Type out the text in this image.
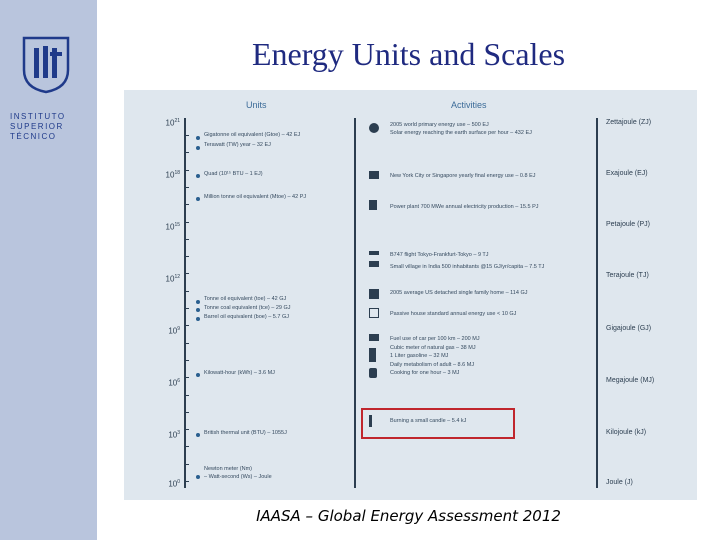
INSTITUTO
SUPERIOR
TÉCNICO
Energy Units and Scales
Units	Activities
$10^{21}$
$10^{18}$
$10^{15}$
$10^{12}$
$10^9$
$10^6$
$10^3$
$10^0$
Gigatonne oil equivalent (Gtoe) – 42 EJ
Terawatt (TW) year – 32 EJ
Quad (10¹⁵ BTU – 1 EJ)
Million tonne oil equivalent (Mtoe) – 42 PJ
Tonne oil equivalent (toe) – 42 GJ
Tonne coal equivalent (tce) – 29 GJ
Barrel oil equivalent (boe) – 5.7 GJ
Kilowatt-hour (kWh) – 3.6 MJ
British thermal unit (BTU) – 1055J
Newton meter (Nm)
– Watt-second (Ws) – Joule
2005 world primary energy use – 500 EJ
Solar energy reaching the earth surface per hour – 432 EJ
New York City or Singapore yearly final energy use – 0.8 EJ
Power plant 700 MWe annual electricity production – 15.5 PJ
B747 flight Tokyo-Frankfurt-Tokyo – 9 TJ
Small village in India 500 inhabitants @15 GJ/yr/capita – 7.5 TJ
2005 average US detached single family home – 114 GJ
Passive house standard annual energy use < 10 GJ
Fuel use of car per 100 km – 200 MJ
Cubic meter of natural gas – 38 MJ
1 Liter gasoline – 32 MJ
Daily metabolism of adult – 8.6 MJ
Cooking for one hour – 3 MJ
Burning a small candle – 5.4 kJ
Zettajoule (ZJ)
Exajoule (EJ)
Petajoule (PJ)
Terajoule (TJ)
Gigajoule (GJ)
Megajoule (MJ)
Kilojoule (kJ)
Joule (J)
IAASA – Global Energy Assessment 2012
